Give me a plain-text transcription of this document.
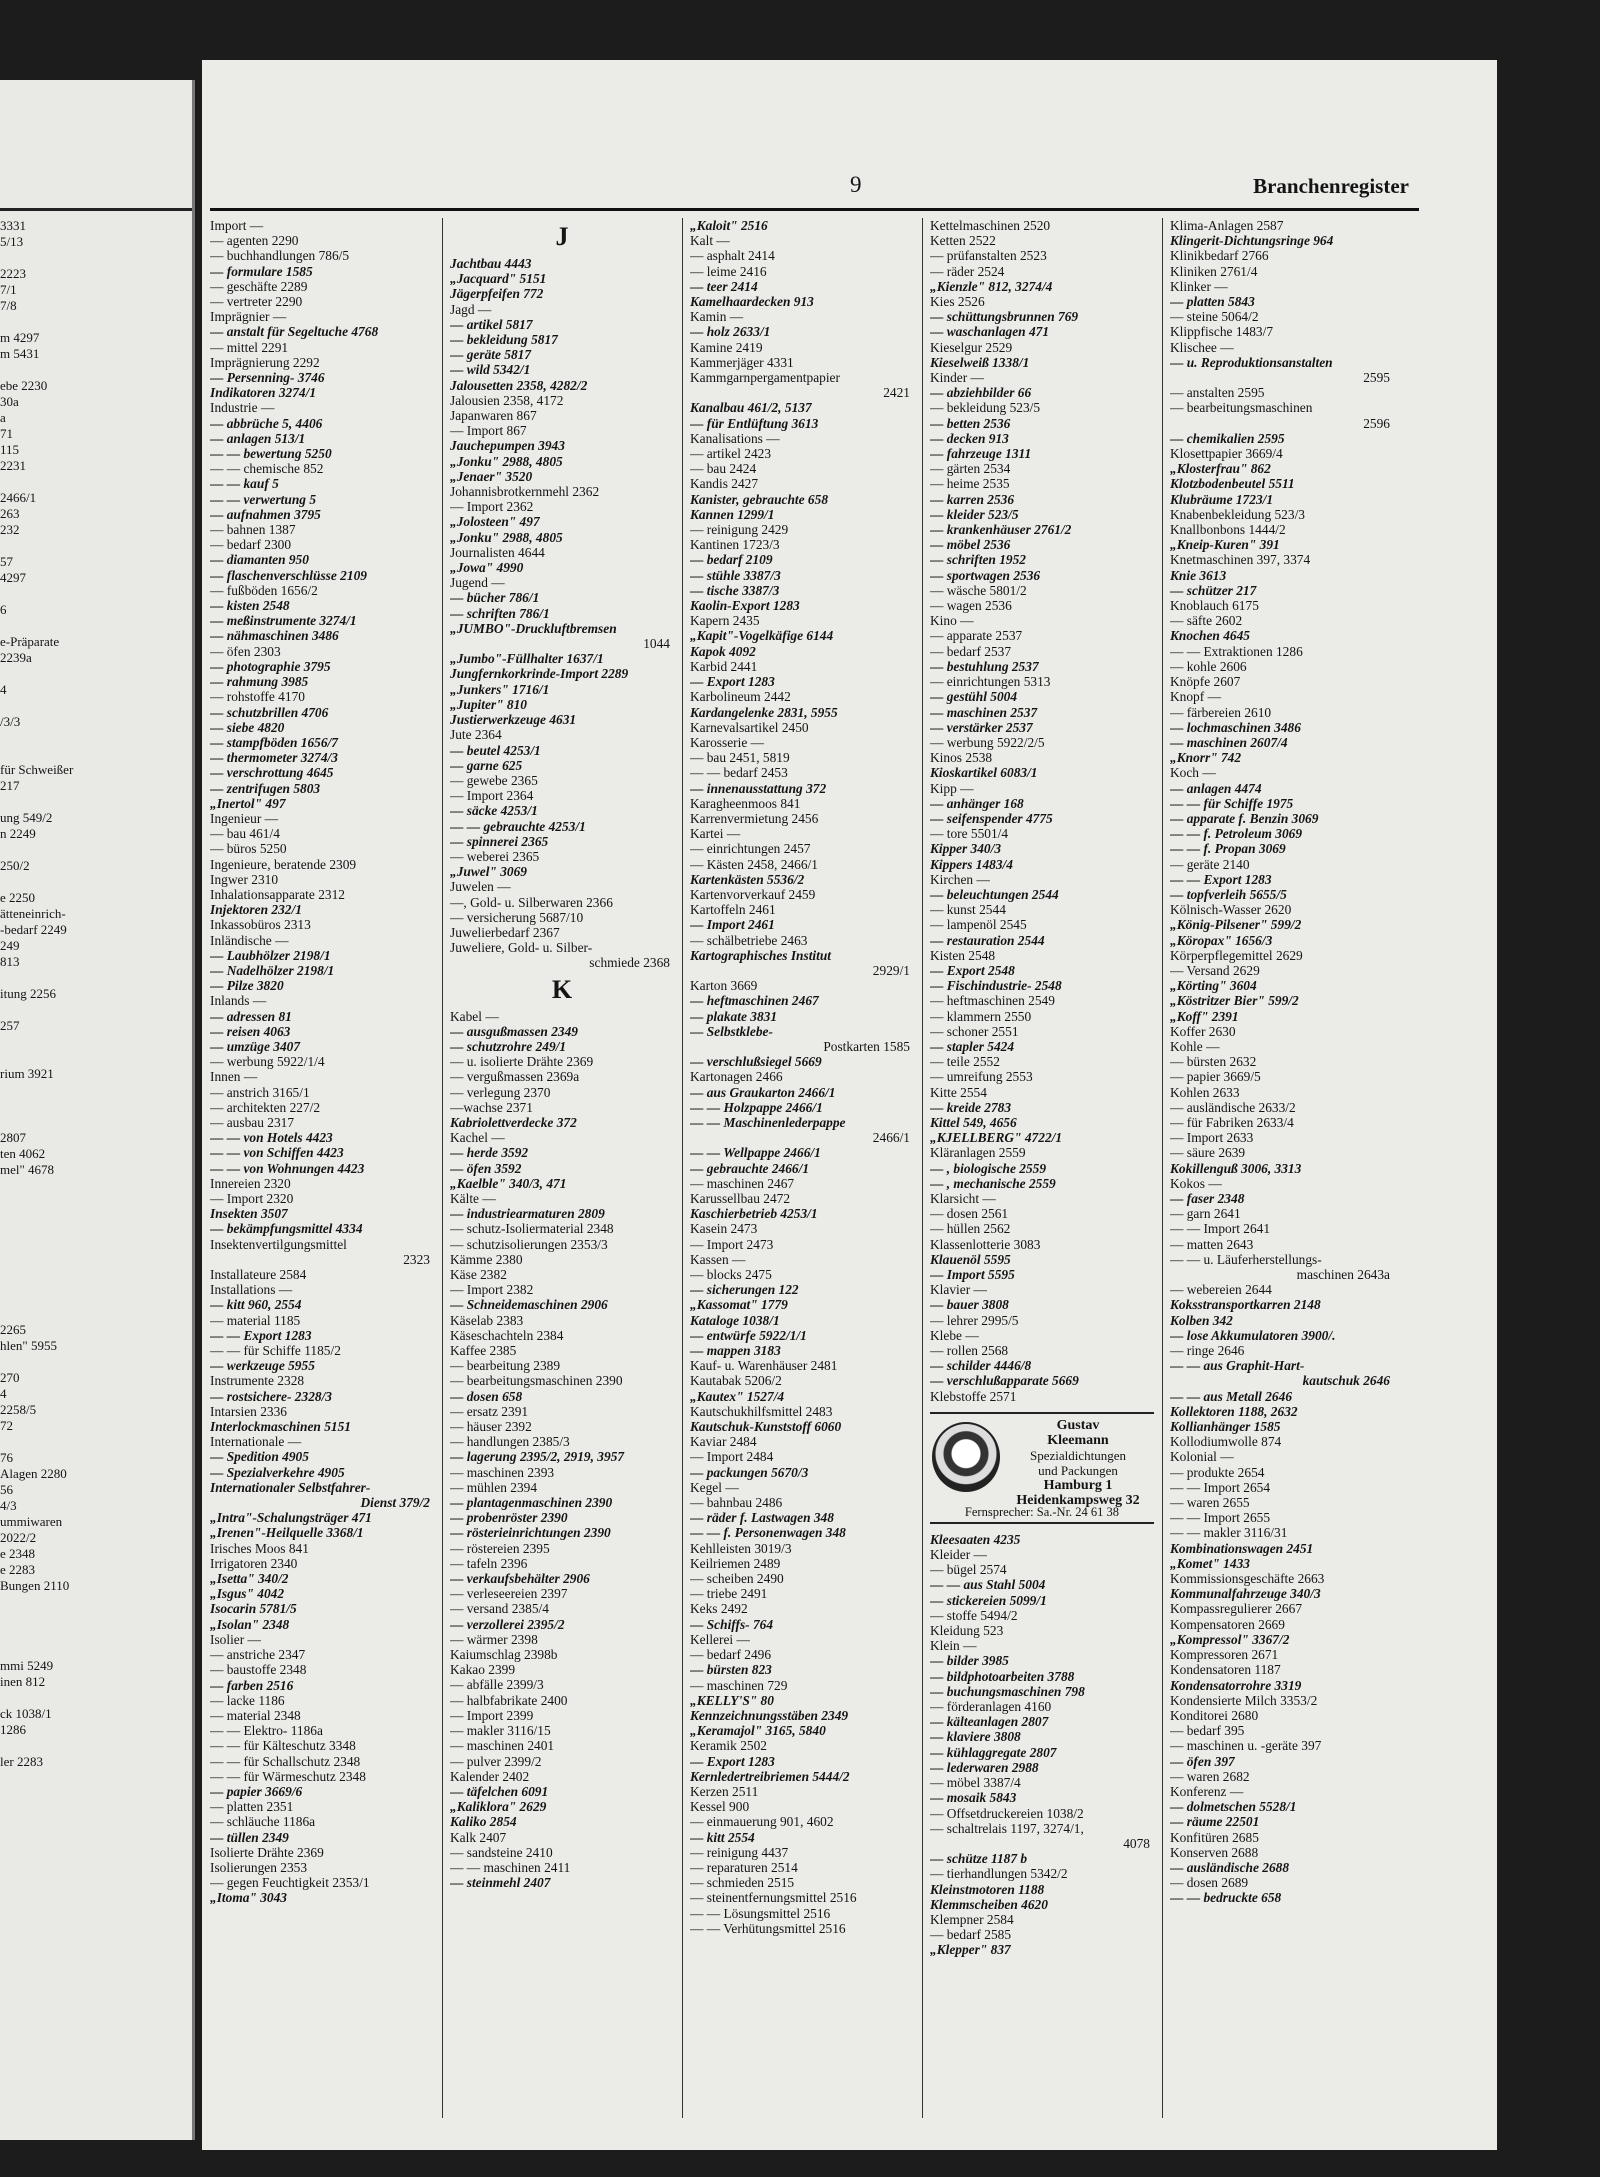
3331
5/13
2223
7/1
7/8
m 4297
m 5431
ebe 2230
30a
a
71
115
2231
2466/1
263
232
57
4297
6
e-Präparate
2239a
4
/3/3
für Schweißer
217
ung 549/2
n 2249
250/2
e 2250
ätteneinrich-
-bedarf 2249
249
813
itung 2256
257
rium 3921
2807
ten 4062
mel" 4678
2265
hlen" 5955
270
4
2258/5
72
76
Alagen 2280
56
4/3
ummiwaren
2022/2
e 2348
e 2283
Bungen 2110
mmi 5249
inen 812
ck 1038/1
1286
ler 2283
9	Branchenregister
Import —
— agenten 2290
— buchhandlungen 786/5
— formulare 1585
— geschäfte 2289
— vertreter 2290
Imprägnier —
— anstalt für Segeltuche 4768
— mittel 2291
Imprägnierung 2292
— Persenning- 3746
Indikatoren 3274/1
Industrie —
— abbrüche 5, 4406
— anlagen 513/1
— — bewertung 5250
— — chemische 852
— — kauf 5
— — verwertung 5
— aufnahmen 3795
— bahnen 1387
— bedarf 2300
— diamanten 950
— flaschenverschlüsse 2109
— fußböden 1656/2
— kisten 2548
— meßinstrumente 3274/1
— nähmaschinen 3486
— öfen 2303
— photographie 3795
— rahmung 3985
— rohstoffe 4170
— schutzbrillen 4706
— siebe 4820
— stampfböden 1656/7
— thermometer 3274/3
— verschrottung 4645
— zentrifugen 5803
„Inertol" 497
Ingenieur —
— bau 461/4
— büros 5250
Ingenieure, beratende 2309
Ingwer 2310
Inhalationsapparate 2312
Injektoren 232/1
Inkassobüros 2313
Inländische —
— Laubhölzer 2198/1
— Nadelhölzer 2198/1
— Pilze 3820
Inlands —
— adressen 81
— reisen 4063
— umzüge 3407
— werbung 5922/1/4
Innen —
— anstrich 3165/1
— architekten 227/2
— ausbau 2317
— — von Hotels 4423
— — von Schiffen 4423
— — von Wohnungen 4423
Innereien 2320
— Import 2320
Insekten 3507
— bekämpfungsmittel 4334
Insektenvertilgungsmittel
2323
Installateure 2584
Installations —
— kitt 960, 2554
— material 1185
— — Export 1283
— — für Schiffe 1185/2
— werkzeuge 5955
Instrumente 2328
— rostsichere- 2328/3
Intarsien 2336
Interlockmaschinen 5151
Internationale —
— Spedition 4905
— Spezialverkehre 4905
Internationaler Selbstfahrer-
Dienst 379/2
„Intra"-Schalungsträger 471
„Irenen"-Heilquelle 3368/1
Irisches Moos 841
Irrigatoren 2340
„Isetta" 340/2
„Isgus" 4042
Isocarin 5781/5
„Isolan" 2348
Isolier —
— anstriche 2347
— baustoffe 2348
— farben 2516
— lacke 1186
— material 2348
— — Elektro- 1186a
— — für Kälteschutz 3348
— — für Schallschutz 2348
— — für Wärmeschutz 2348
— papier 3669/6
— platten 2351
— schläuche 1186a
— tüllen 2349
Isolierte Drähte 2369
Isolierungen 2353
— gegen Feuchtigkeit 2353/1
„Itoma" 3043
J
Jachtbau 4443
„Jacquard" 5151
Jägerpfeifen 772
Jagd —
— artikel 5817
— bekleidung 5817
— geräte 5817
— wild 5342/1
Jalousetten 2358, 4282/2
Jalousien 2358, 4172
Japanwaren 867
— Import 867
Jauchepumpen 3943
„Jonku" 2988, 4805
„Jenaer" 3520
Johannisbrotkernmehl 2362
— Import 2362
„Jolosteen" 497
„Jonku" 2988, 4805
Journalisten 4644
„Jowa" 4990
Jugend —
— bücher 786/1
— schriften 786/1
„JUMBO"-Druckluftbremsen
1044
„Jumbo"-Füllhalter 1637/1
Jungfernkorkrinde-Import 2289
„Junkers" 1716/1
„Jupiter" 810
Justierwerkzeuge 4631
Jute 2364
— beutel 4253/1
— garne 625
— gewebe 2365
— Import 2364
— säcke 4253/1
— — gebrauchte 4253/1
— spinnerei 2365
— weberei 2365
„Juwel" 3069
Juwelen —
—, Gold- u. Silberwaren 2366
— versicherung 5687/10
Juwelierbedarf 2367
Juweliere, Gold- u. Silber-
schmiede 2368
K
Kabel —
— ausgußmassen 2349
— schutzrohre 249/1
— u. isolierte Drähte 2369
— vergußmassen 2369a
— verlegung 2370
—wachse 2371
Kabriolettverdecke 372
Kachel —
— herde 3592
— öfen 3592
„Kaelble" 340/3, 471
Kälte —
— industriearmaturen 2809
— schutz-Isoliermaterial 2348
— schutzisolierungen 2353/3
Kämme 2380
Käse 2382
— Import 2382
— Schneidemaschinen 2906
Käselab 2383
Käseschachteln 2384
Kaffee 2385
— bearbeitung 2389
— bearbeitungsmaschinen 2390
— dosen 658
— ersatz 2391
— häuser 2392
— handlungen 2385/3
— lagerung 2395/2, 2919, 3957
— maschinen 2393
— mühlen 2394
— plantagenmaschinen 2390
— probenröster 2390
— rösterieinrichtungen 2390
— röstereien 2395
— tafeln 2396
— verkaufsbehälter 2906
— verleseereien 2397
— versand 2385/4
— verzollerei 2395/2
— wärmer 2398
Kaiumschlag 2398b
Kakao 2399
— abfälle 2399/3
— halbfabrikate 2400
— Import 2399
— makler 3116/15
— maschinen 2401
— pulver 2399/2
Kalender 2402
— täfelchen 6091
„Kaliklora" 2629
Kaliko 2854
Kalk 2407
— sandsteine 2410
— — maschinen 2411
— steinmehl 2407
„Kaloit" 2516
Kalt —
— asphalt 2414
— leime 2416
— teer 2414
Kamelhaardecken 913
Kamin —
— holz 2633/1
Kamine 2419
Kammerjäger 4331
Kammgarnpergamentpapier
2421
Kanalbau 461/2, 5137
— für Entlüftung 3613
Kanalisations —
— artikel 2423
— bau 2424
Kandis 2427
Kanister, gebrauchte 658
Kannen 1299/1
— reinigung 2429
Kantinen 1723/3
— bedarf 2109
— stühle 3387/3
— tische 3387/3
Kaolin-Export 1283
Kapern 2435
„Kapit"-Vogelkäfige 6144
Kapok 4092
Karbid 2441
— Export 1283
Karbolineum 2442
Kardangelenke 2831, 5955
Karnevalsartikel 2450
Karosserie —
— bau 2451, 5819
— — bedarf 2453
— innenausstattung 372
Karagheenmoos 841
Karrenvermietung 2456
Kartei —
— einrichtungen 2457
— Kästen 2458, 2466/1
Kartenkästen 5536/2
Kartenvorverkauf 2459
Kartoffeln 2461
— Import 2461
— schälbetriebe 2463
Kartographisches Institut
2929/1
Karton 3669
— heftmaschinen 2467
— plakate 3831
— Selbstklebe-
Postkarten 1585
— verschlußsiegel 5669
Kartonagen 2466
— aus Graukarton 2466/1
— — Holzpappe 2466/1
— — Maschinenlederpappe
2466/1
— — Wellpappe 2466/1
— gebrauchte 2466/1
— maschinen 2467
Karussellbau 2472
Kaschierbetrieb 4253/1
Kasein 2473
— Import 2473
Kassen —
— blocks 2475
— sicherungen 122
„Kassomat" 1779
Kataloge 1038/1
— entwürfe 5922/1/1
— mappen 3183
Kauf- u. Warenhäuser 2481
Kautabak 5206/2
„Kautex" 1527/4
Kautschukhilfsmittel 2483
Kautschuk-Kunststoff 6060
Kaviar 2484
— Import 2484
— packungen 5670/3
Kegel —
— bahnbau 2486
— räder f. Lastwagen 348
— — f. Personenwagen 348
Kehlleisten 3019/3
Keilriemen 2489
— scheiben 2490
— triebe 2491
Keks 2492
— Schiffs- 764
Kellerei —
— bedarf 2496
— bürsten 823
— maschinen 729
„KELLY'S" 80
Kennzeichnungsstäben 2349
„Keramajol" 3165, 5840
Keramik 2502
— Export 1283
Kernledertreibriemen 5444/2
Kerzen 2511
Kessel 900
— einmauerung 901, 4602
— kitt 2554
— reinigung 4437
— reparaturen 2514
— schmieden 2515
— steinentfernungsmittel 2516
— — Lösungsmittel 2516
— — Verhütungsmittel 2516
Kettelmaschinen 2520
Ketten 2522
— prüfanstalten 2523
— räder 2524
„Kienzle" 812, 3274/4
Kies 2526
— schüttungsbrunnen 769
— waschanlagen 471
Kieselgur 2529
Kieselweiß 1338/1
Kinder —
— abziehbilder 66
— bekleidung 523/5
— betten 2536
— decken 913
— fahrzeuge 1311
— gärten 2534
— heime 2535
— karren 2536
— kleider 523/5
— krankenhäuser 2761/2
— möbel 2536
— schriften 1952
— sportwagen 2536
— wäsche 5801/2
— wagen 2536
Kino —
— apparate 2537
— bedarf 2537
— bestuhlung 2537
— einrichtungen 5313
— gestühl 5004
— maschinen 2537
— verstärker 2537
— werbung 5922/2/5
Kinos 2538
Kioskartikel 6083/1
Kipp —
— anhänger 168
— seifenspender 4775
— tore 5501/4
Kipper 340/3
Kippers 1483/4
Kirchen —
— beleuchtungen 2544
— kunst 2544
— lampenöl 2545
— restauration 2544
Kisten 2548
— Export 2548
— Fischindustrie- 2548
— heftmaschinen 2549
— klammern 2550
— schoner 2551
— stapler 5424
— teile 2552
— umreifung 2553
Kitte 2554
— kreide 2783
Kittel 549, 4656
„KJELLBERG" 4722/1
Kläranlagen 2559
— , biologische 2559
— , mechanische 2559
Klarsicht —
— dosen 2561
— hüllen 2562
Klassenlotterie 3083
Klauenöl 5595
— Import 5595
Klavier —
— bauer 3808
— lehrer 2995/5
Klebe —
— rollen 2568
— schilder 4446/8
— verschlußapparate 5669
Klebstoffe 2571
Gustav
Kleemann
Spezialdichtungen
und Packungen
Hamburg 1
Heidenkampsweg 32
Fernsprecher: Sa.-Nr. 24 61 38
Kleesaaten 4235
Kleider —
— bügel 2574
— — aus Stahl 5004
— stickereien 5099/1
— stoffe 5494/2
Kleidung 523
Klein —
— bilder 3985
— bildphotoarbeiten 3788
— buchungsmaschinen 798
— förderanlagen 4160
— kälteanlagen 2807
— klaviere 3808
— kühlaggregate 2807
— lederwaren 2988
— möbel 3387/4
— mosaik 5843
— Offsetdruckereien 1038/2
— schaltrelais 1197, 3274/1,
4078
— schütze 1187 b
— tierhandlungen 5342/2
Kleinstmotoren 1188
Klemmscheiben 4620
Klempner 2584
— bedarf 2585
„Klepper" 837
Klima-Anlagen 2587
Klingerit-Dichtungsringe 964
Klinikbedarf 2766
Kliniken 2761/4
Klinker —
— platten 5843
— steine 5064/2
Klippfische 1483/7
Klischee —
— u. Reproduktionsanstalten
2595
— anstalten 2595
— bearbeitungsmaschinen
2596
— chemikalien 2595
Klosettpapier 3669/4
„Klosterfrau" 862
Klotzbodenbeutel 5511
Klubräume 1723/1
Knabenbekleidung 523/3
Knallbonbons 1444/2
„Kneip-Kuren" 391
Knetmaschinen 397, 3374
Knie 3613
— schützer 217
Knoblauch 6175
— säfte 2602
Knochen 4645
— — Extraktionen 1286
— kohle 2606
Knöpfe 2607
Knopf —
— färbereien 2610
— lochmaschinen 3486
— maschinen 2607/4
„Knorr" 742
Koch —
— anlagen 4474
— — für Schiffe 1975
— apparate f. Benzin 3069
— — f. Petroleum 3069
— — f. Propan 3069
— geräte 2140
— — Export 1283
— topfverleih 5655/5
Kölnisch-Wasser 2620
„König-Pilsener" 599/2
„Köropax" 1656/3
Körperpflegemittel 2629
— Versand 2629
„Körting" 3604
„Köstritzer Bier" 599/2
„Koff" 2391
Koffer 2630
Kohle —
— bürsten 2632
— papier 3669/5
Kohlen 2633
— ausländische 2633/2
— für Fabriken 2633/4
— Import 2633
— säure 2639
Kokillenguß 3006, 3313
Kokos —
— faser 2348
— garn 2641
— — Import 2641
— matten 2643
— — u. Läuferherstellungs-
maschinen 2643a
— webereien 2644
Koksstransportkarren 2148
Kolben 342
— lose Akkumulatoren 3900/.
— ringe 2646
— — aus Graphit-Hart-
kautschuk 2646
— — aus Metall 2646
Kollektoren 1188, 2632
Kollianhänger 1585
Kollodiumwolle 874
Kolonial —
— produkte 2654
— — Import 2654
— waren 2655
— — Import 2655
— — makler 3116/31
Kombinationswagen 2451
„Komet" 1433
Kommissionsgeschäfte 2663
Kommunalfahrzeuge 340/3
Kompassregulierer 2667
Kompensatoren 2669
„Kompressol" 3367/2
Kompressoren 2671
Kondensatoren 1187
Kondensatorrohre 3319
Kondensierte Milch 3353/2
Konditorei 2680
— bedarf 395
— maschinen u. -geräte 397
— öfen 397
— waren 2682
Konferenz —
— dolmetschen 5528/1
— räume 22501
Konfitüren 2685
Konserven 2688
— ausländische 2688
— dosen 2689
— — bedruckte 658
